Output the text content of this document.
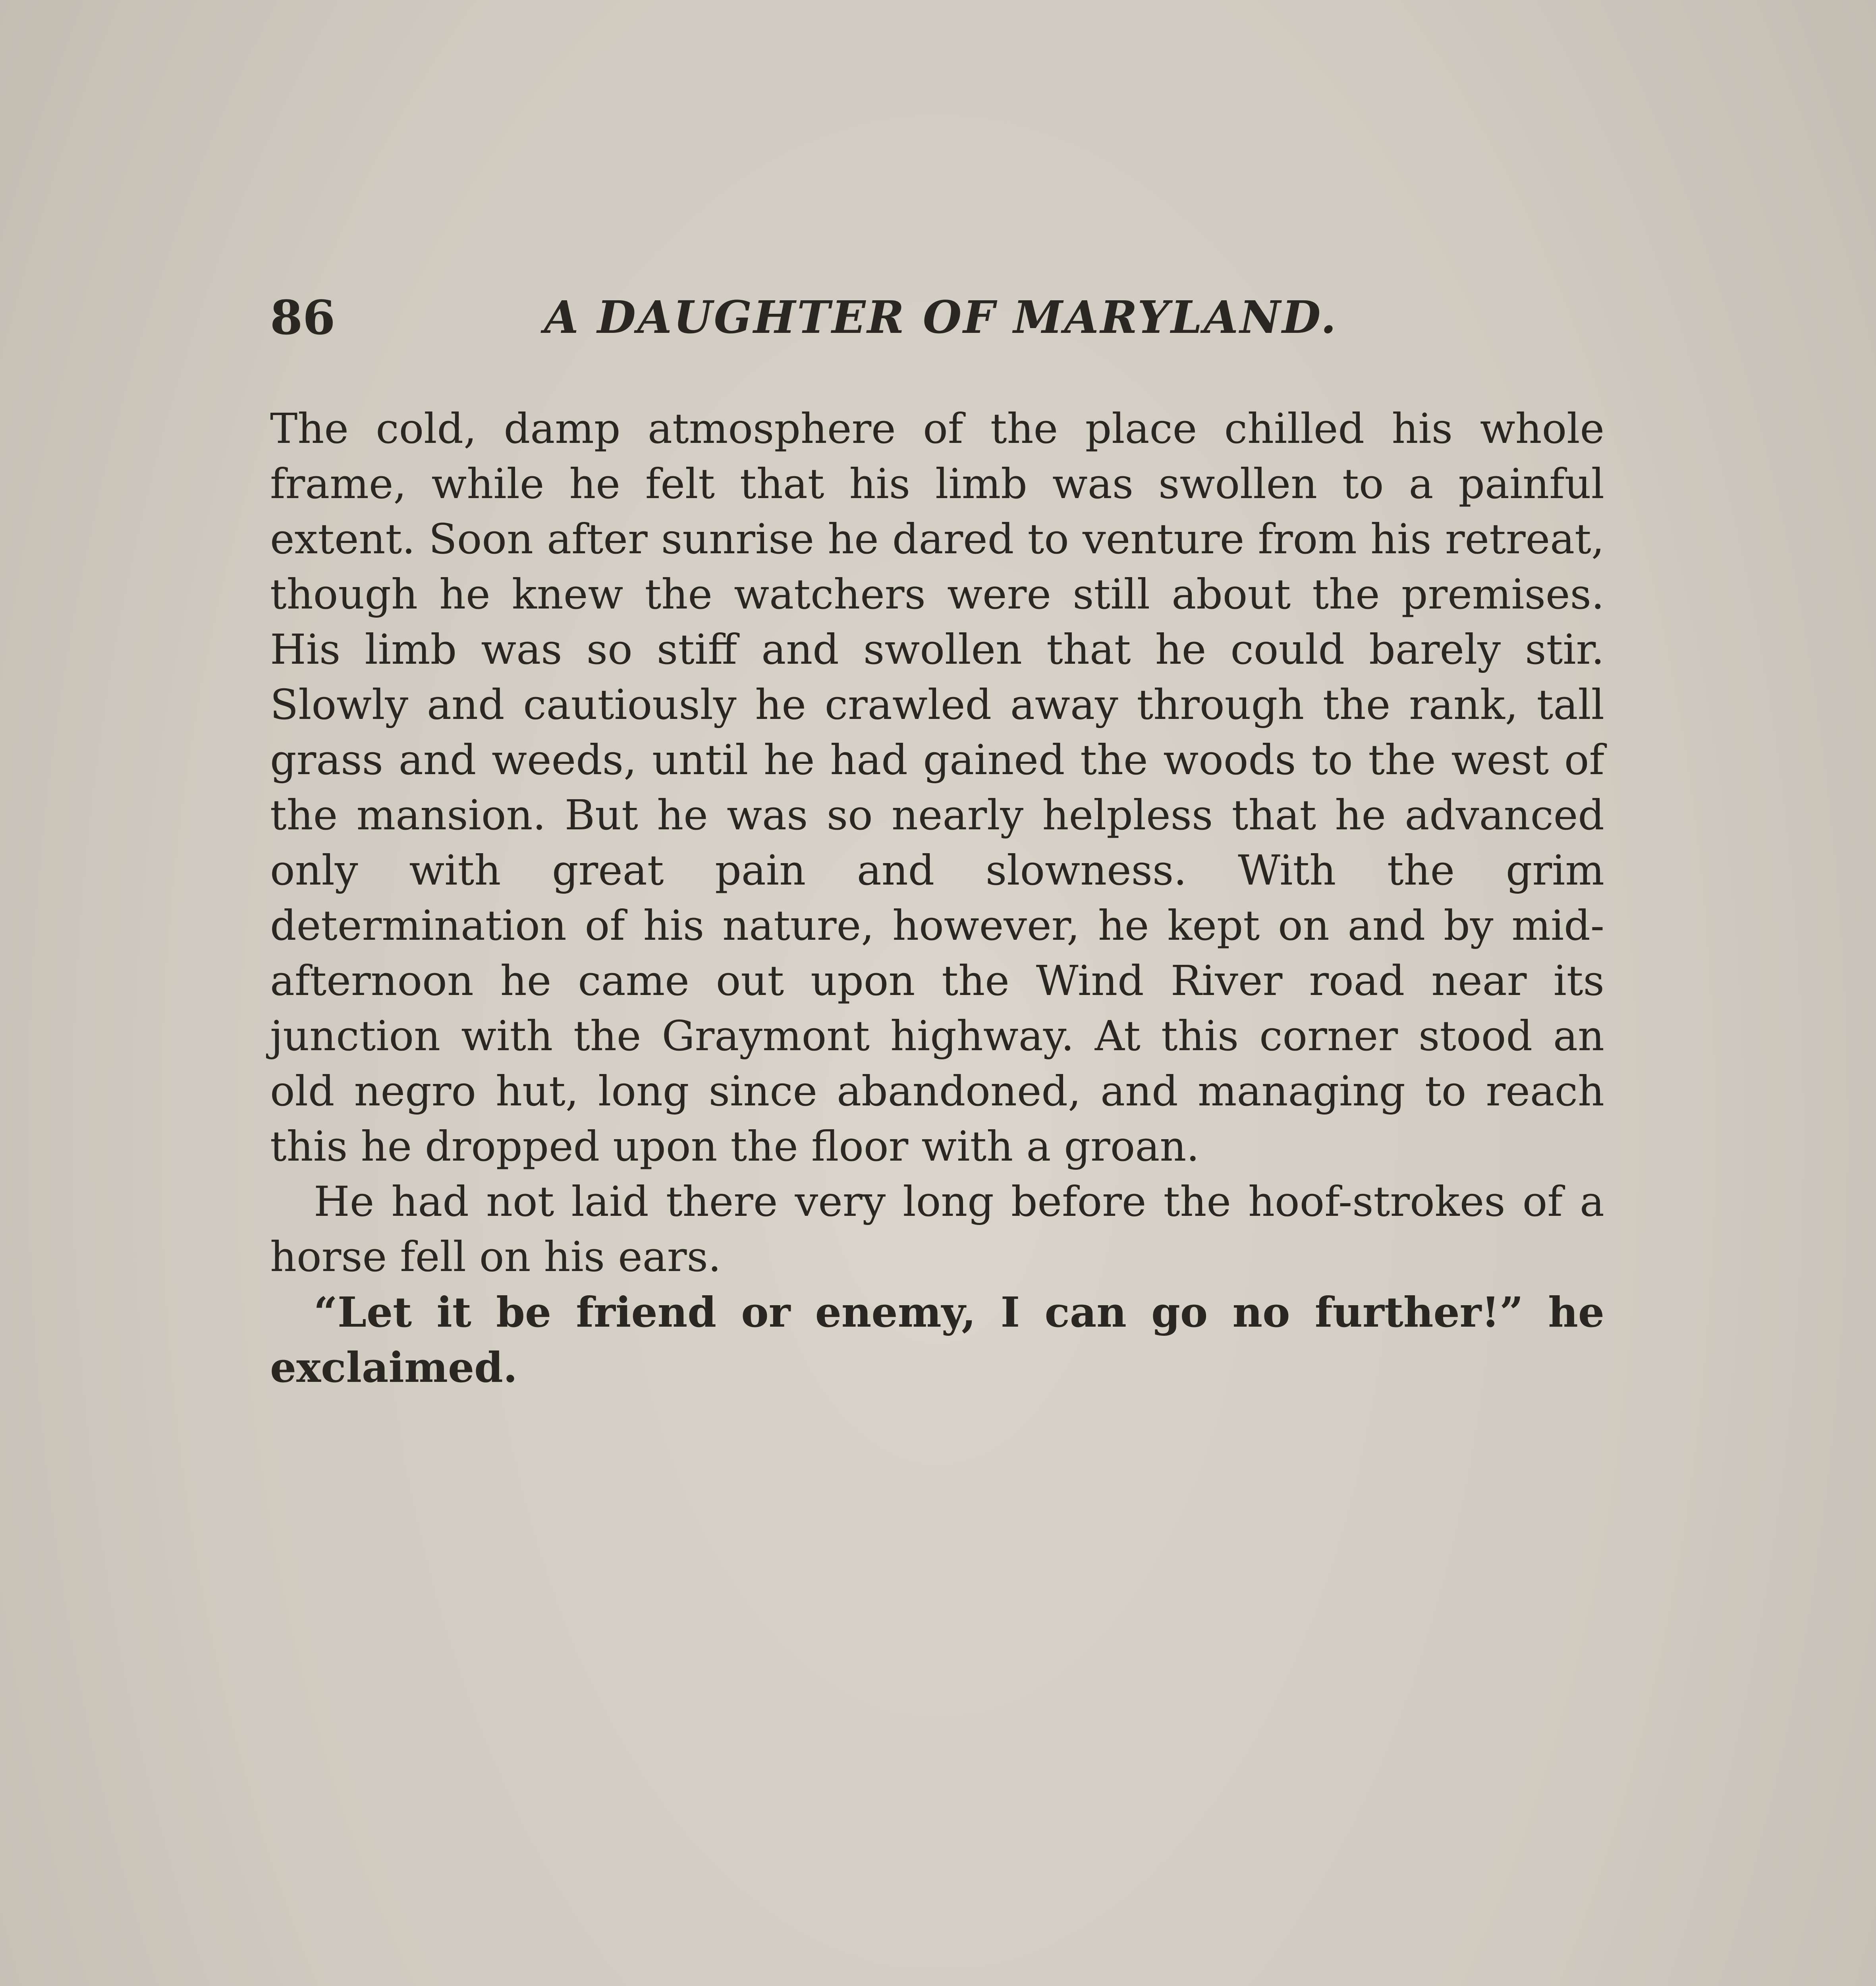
86	A DAUGHTER OF MARYLAND.

The cold, damp atmosphere of the place chilled his whole frame, while he felt that his limb was swollen to a painful extent. Soon after sunrise he dared to venture from his retreat, though he knew the watchers were still about the premises. His limb was so stiff and swollen that he could barely stir. Slowly and cautiously he crawled away through the rank, tall grass and weeds, until he had gained the woods to the west of the mansion. But he was so nearly helpless that he advanced only with great pain and slowness. With the grim determination of his nature, however, he kept on and by mid-afternoon he came out upon the Wind River road near its junction with the Graymont highway. At this corner stood an old negro hut, long since abandoned, and managing to reach this he dropped upon the floor with a groan.

He had not laid there very long before the hoof-strokes of a horse fell on his ears.

“Let it be friend or enemy, I can go no further!” he exclaimed.
